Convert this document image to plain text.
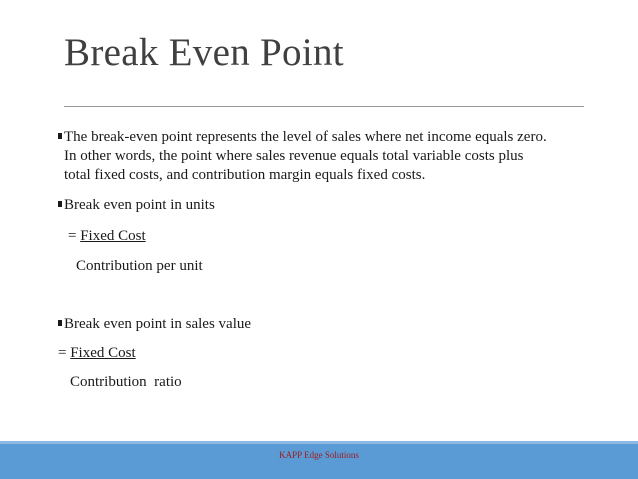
Break Even Point
The break-even point represents the level of sales where net income equals zero.
In other words, the point where sales revenue equals total variable costs plus
total fixed costs, and contribution margin equals fixed costs.
Break even point in units
= Fixed Cost
Contribution per unit
Break even point in sales value
= Fixed Cost
Contribution  ratio
KAPP Edge Solutions
